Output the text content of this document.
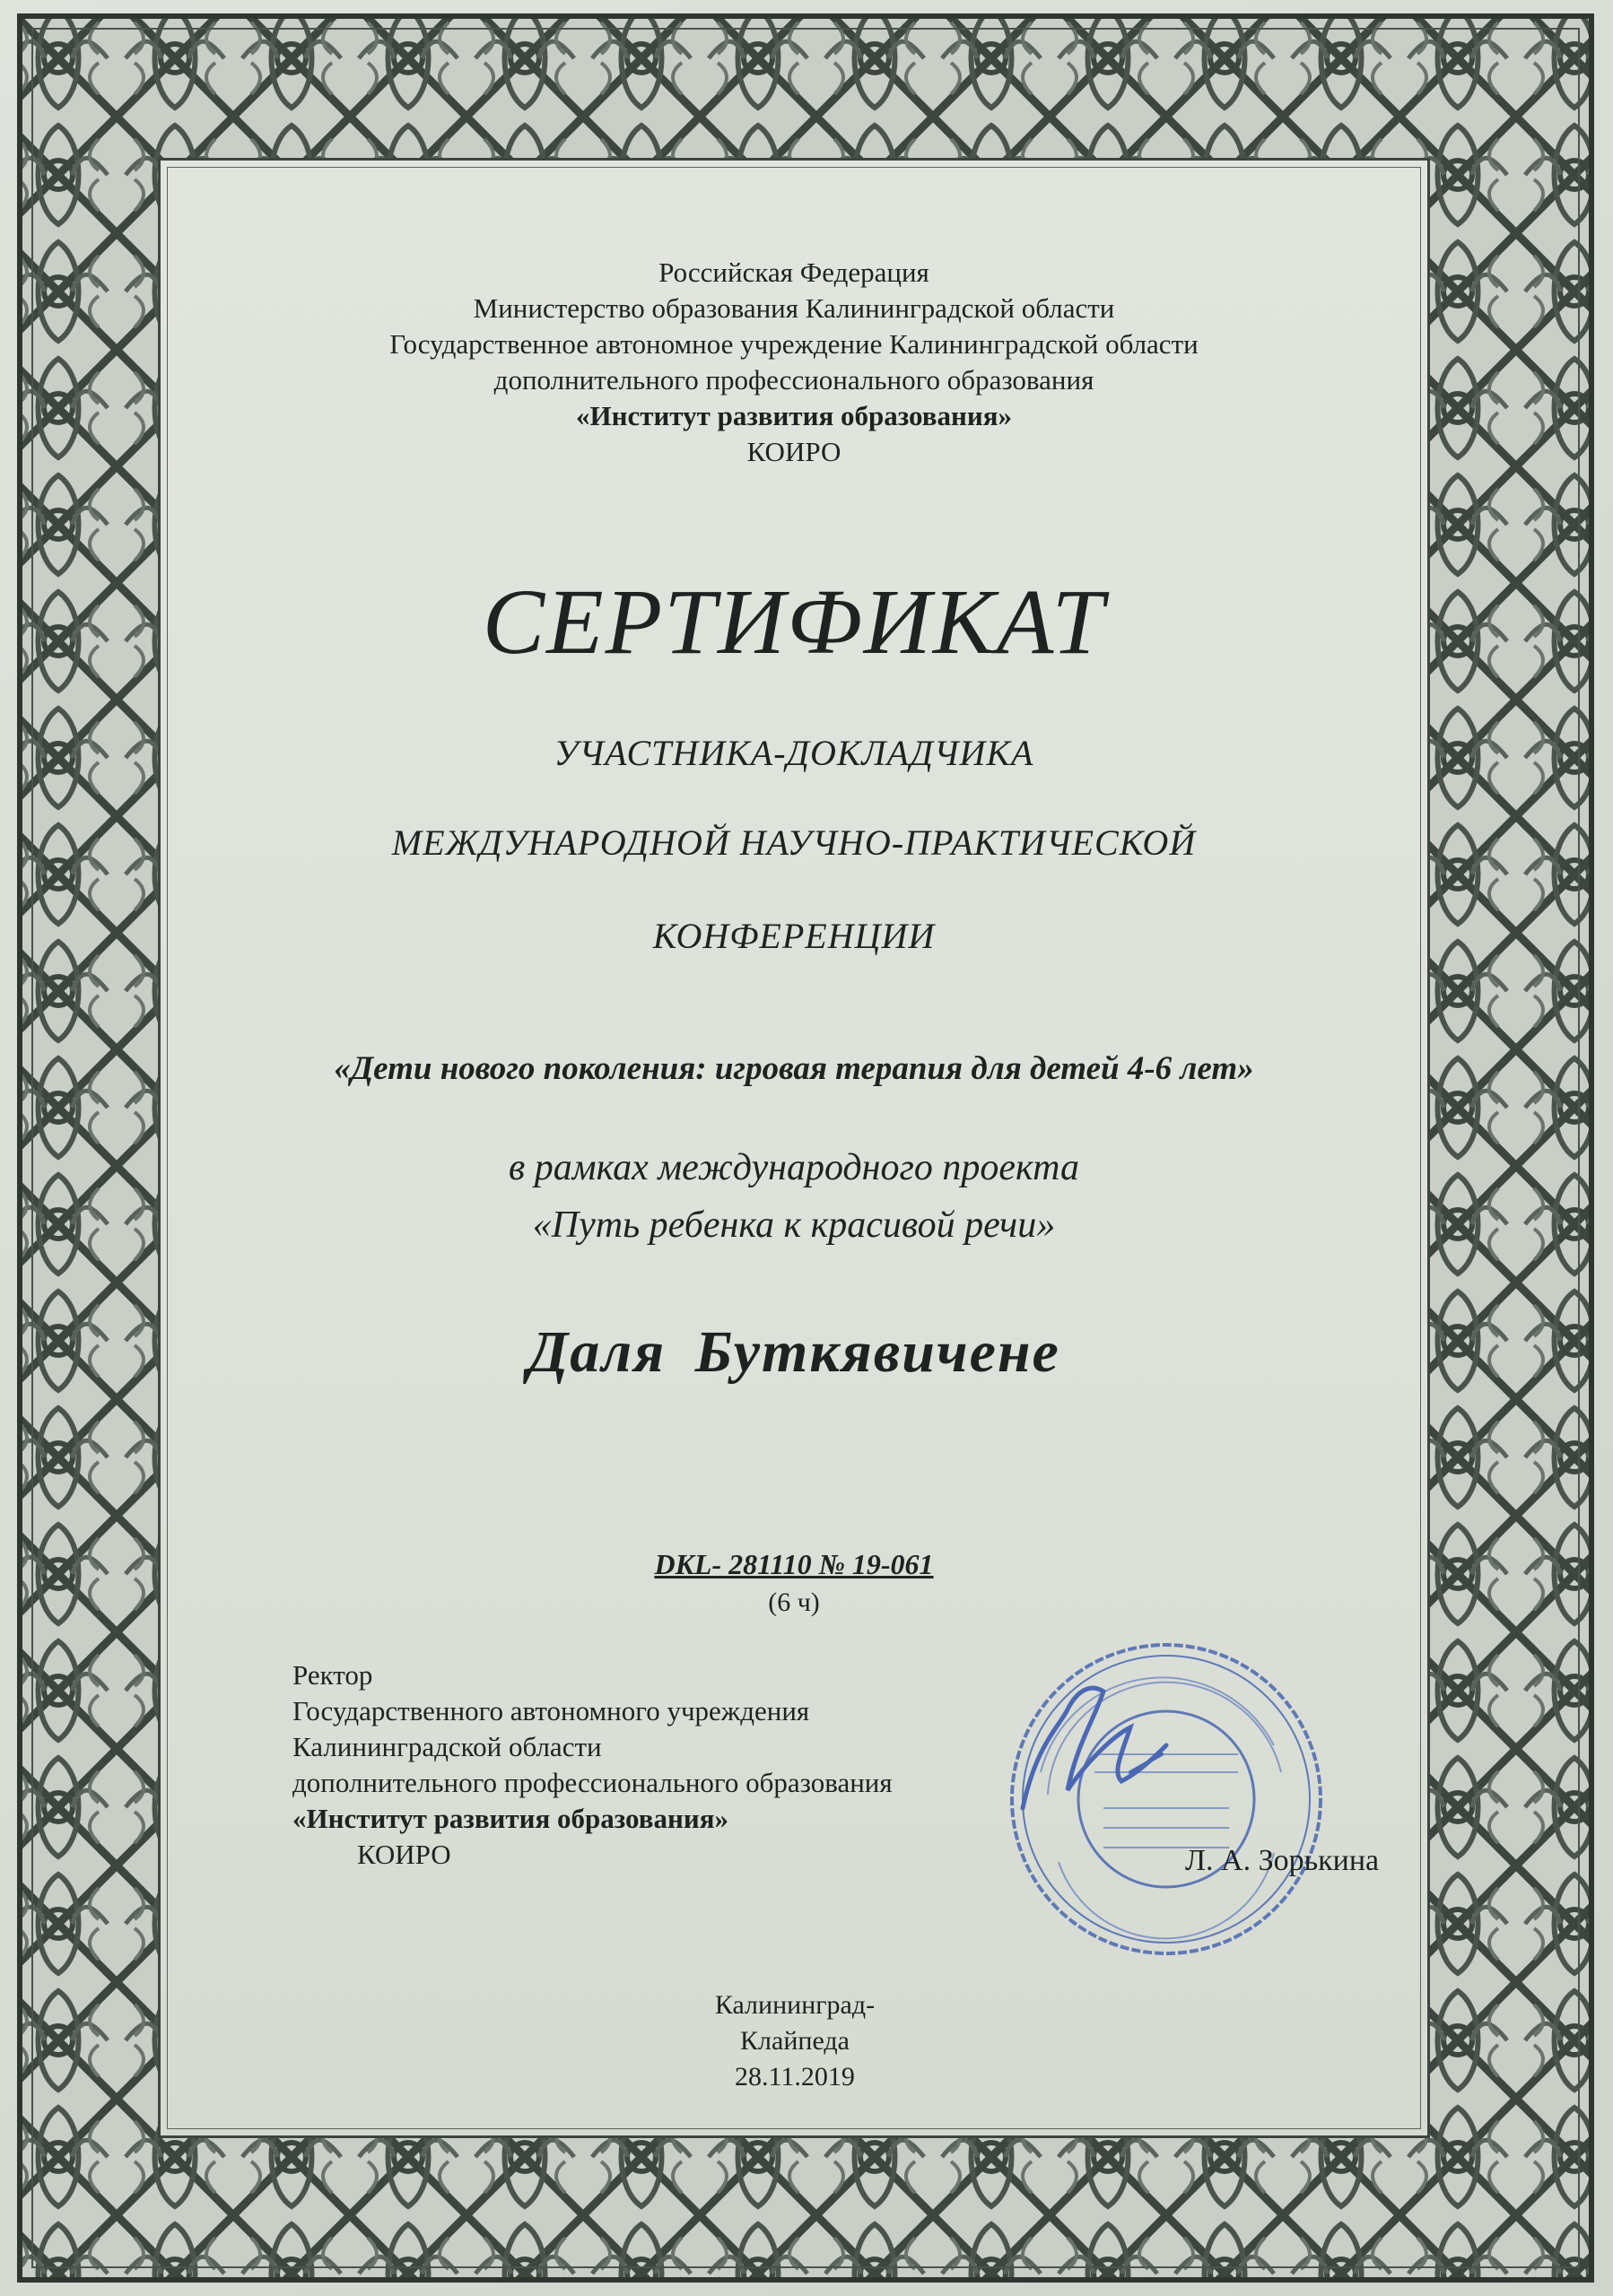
Российская Федерация
Министерство образования Калининградской области
Государственное автономное учреждение Калининградской области
дополнительного профессионального образования
«Институт развития образования»
КОИРО
СЕРТИФИКАТ
УЧАСТНИКА-ДОКЛАДЧИКА
МЕЖДУНАРОДНОЙ НАУЧНО-ПРАКТИЧЕСКОЙ
КОНФЕРЕНЦИИ
«Дети нового поколения: игровая терапия для детей 4-6 лет»
в рамках международного проекта
«Путь ребенка к красивой речи»
Даля Буткявичене
DKL- 281110 № 19-061
(6 ч)
Ректор
Государственного автономного учреждения
Калининградской области
дополнительного профессионального образования
«Институт развития образования»
КОИРО	Л. А. Зорькина
Калининград-Клайпеда
28.11.2019
